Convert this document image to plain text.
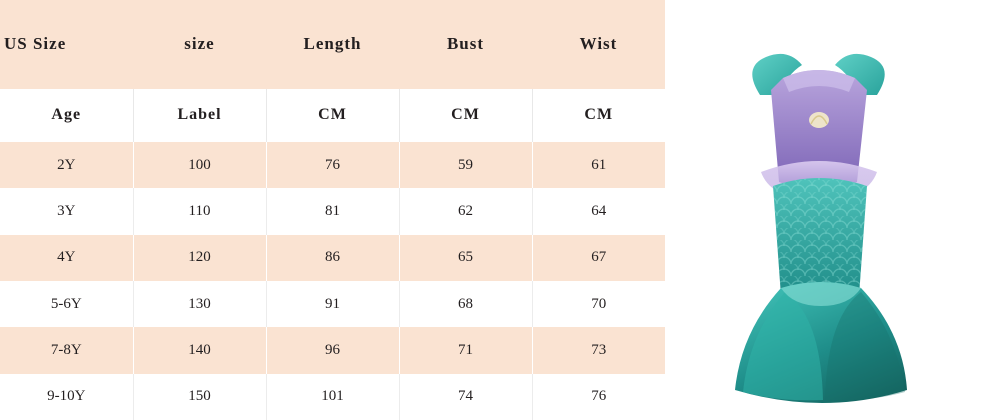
US Size	size	Length	Bust	Wist
Age	Label	CM	CM	CM
2Y	100	76	59	61
3Y	110	81	62	64
4Y	120	86	65	67
5-6Y	130	91	68	70
7-8Y	140	96	71	73
9-10Y	150	101	74	76
